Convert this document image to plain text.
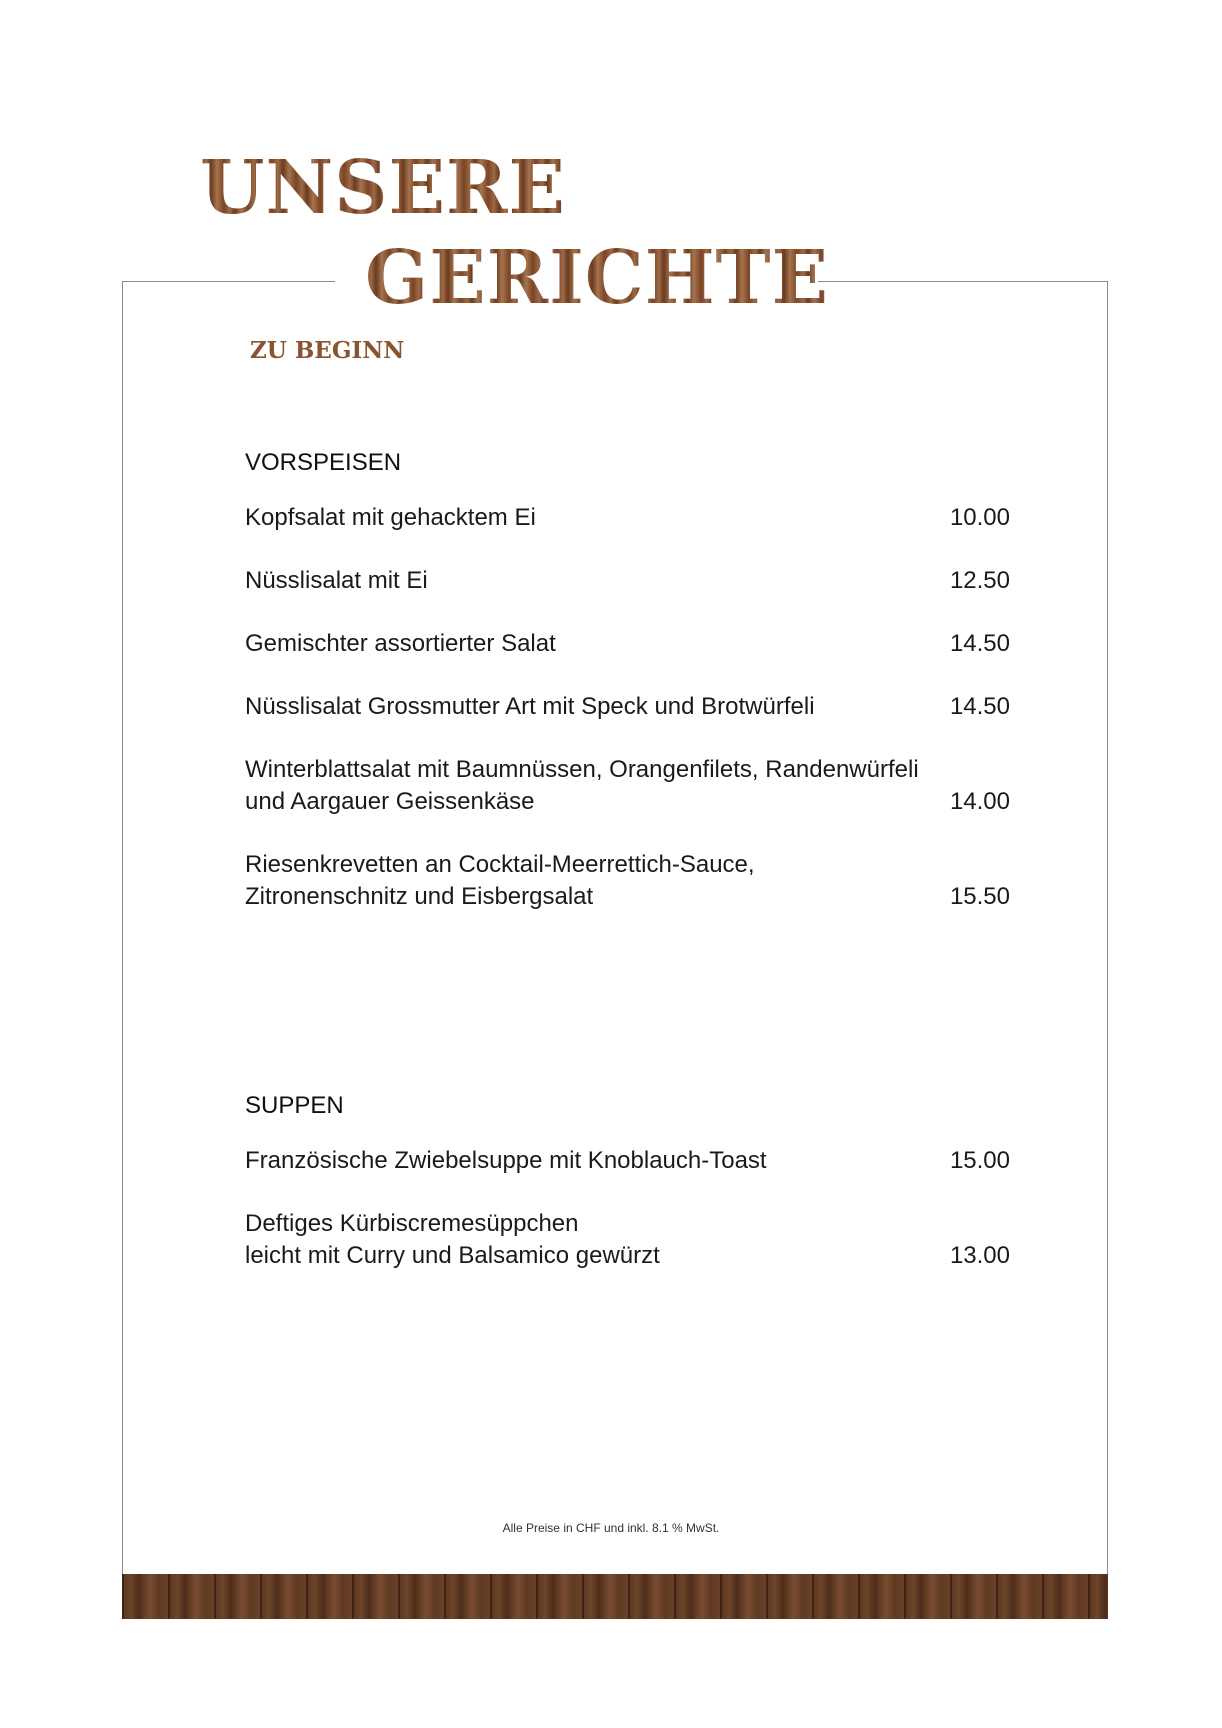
UNSERE
GERICHTE
ZU BEGINN
VORSPEISEN
Kopfsalat mit gehacktem Ei	10.00
Nüsslisalat mit Ei	12.50
Gemischter assortierter Salat	14.50
Nüsslisalat Grossmutter Art mit Speck und Brotwürfeli	14.50
Winterblattsalat mit Baumnüssen, Orangenfilets, Randenwürfeli
und Aargauer Geissenkäse	14.00
Riesenkrevetten an Cocktail-Meerrettich-Sauce,
Zitronenschnitz und Eisbergsalat	15.50
SUPPEN
Französische Zwiebelsuppe mit Knoblauch-Toast	15.00
Deftiges Kürbiscremesüppchen
leicht mit Curry und Balsamico gewürzt	13.00
Alle Preise in CHF und inkl. 8.1 % MwSt.
